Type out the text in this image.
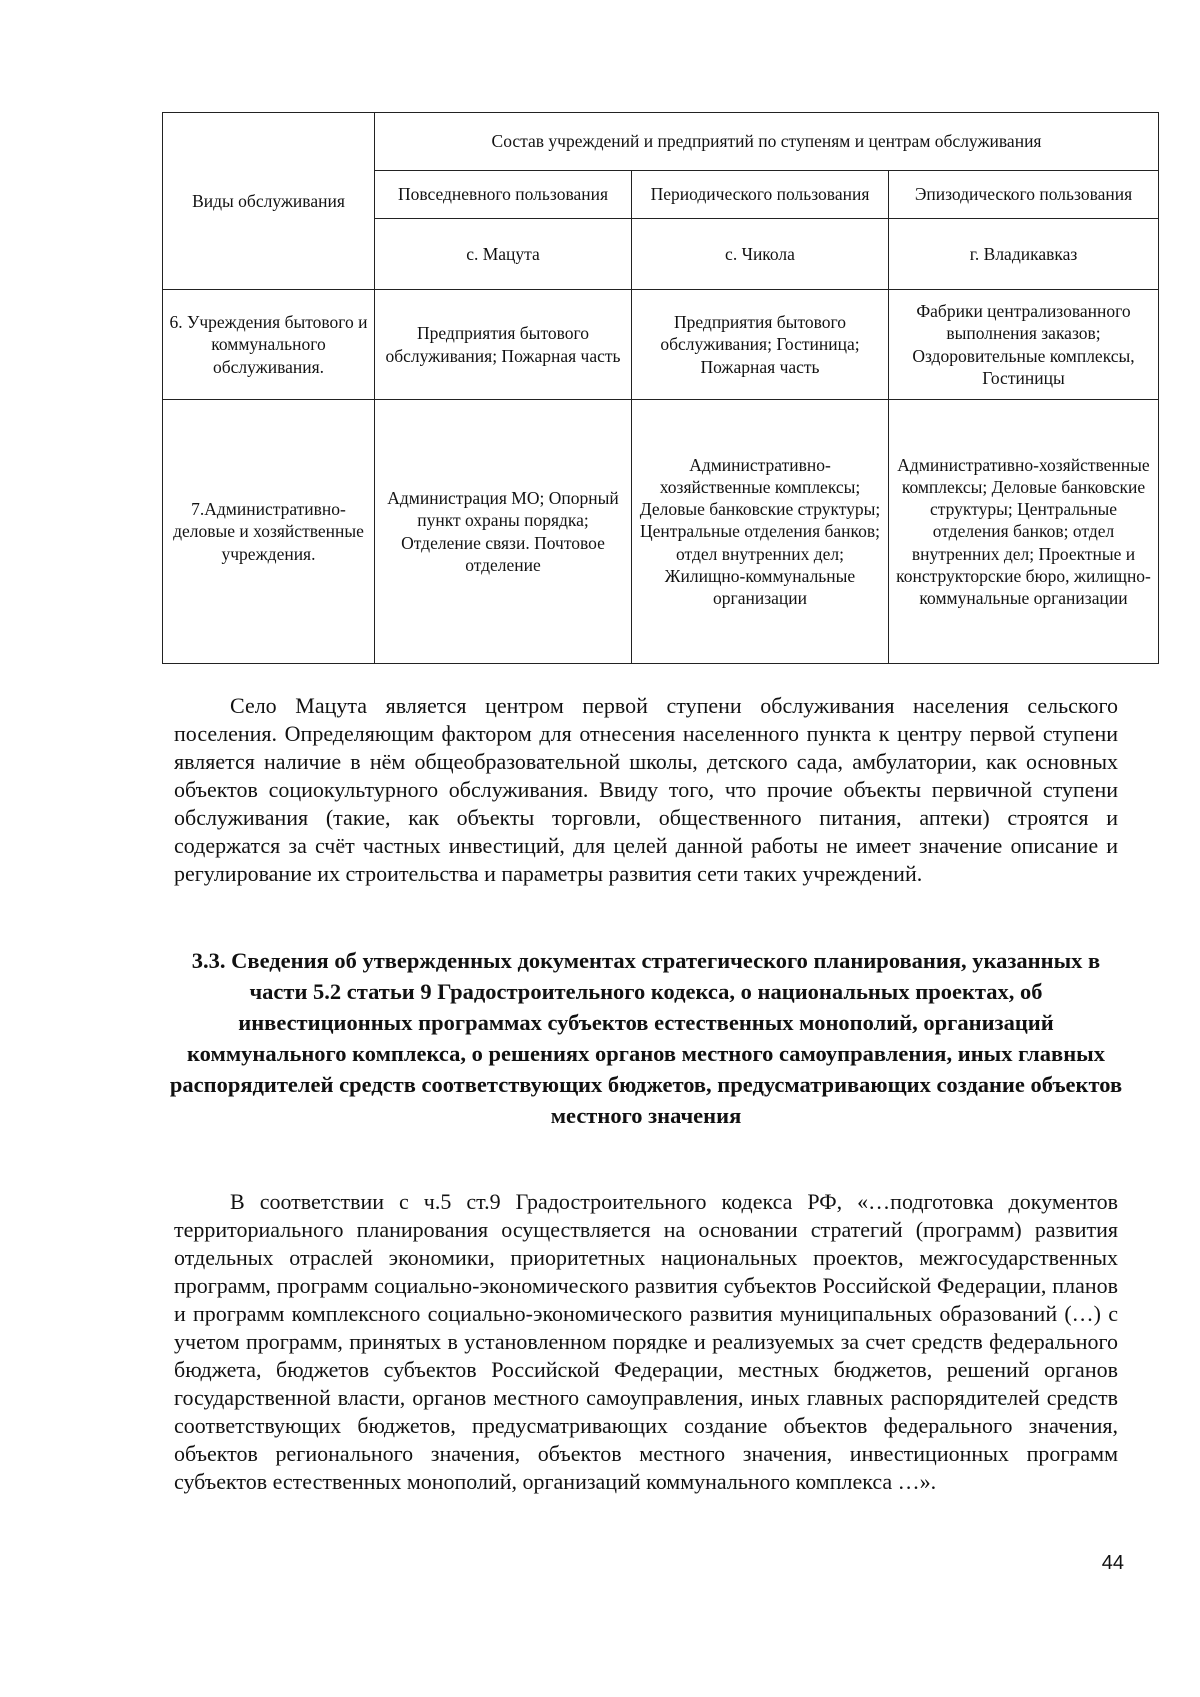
Виды обслуживания	Состав учреждений и предприятий по ступеням и центрам обслуживания		
	Повседневного пользования	Периодического пользования	Эпизодического пользования
	с. Мацута	с. Чикола	г. Владикавказ
6. Учреждения бытового и коммунального обслуживания.	Предприятия бытового обслуживания; Пожарная часть	Предприятия бытового обслуживания; Гостиница; Пожарная часть	Фабрики централизованного выполнения заказов; Оздоровительные комплексы, Гостиницы
7.Административно-деловые и хозяйственные учреждения.	Администрация МО; Опорный пункт охраны порядка; Отделение связи. Почтовое отделение	Административно-хозяйственные комплексы; Деловые банковские структуры; Центральные отделения банков; отдел внутренних дел; Жилищно-коммунальные организации	Административно-хозяйственные комплексы; Деловые банковские структуры; Центральные отделения банков; отдел внутренних дел; Проектные и конструкторские бюро, жилищно-коммунальные организации

Село Мацута является центром первой ступени обслуживания населения сельского поселения. Определяющим фактором для отнесения населенного пункта к центру первой ступени является наличие в нём общеобразовательной школы, детского сада, амбулатории, как основных объектов социокультурного обслуживания. Ввиду того, что прочие объекты первичной ступени обслуживания (такие, как объекты торговли, общественного питания, аптеки) строятся и содержатся за счёт частных инвестиций, для целей данной работы не имеет значение описание и регулирование их строительства и параметры развития сети таких учреждений.

3.3. Сведения об утвержденных документах стратегического планирования, указанных в части 5.2 статьи 9 Градостроительного кодекса, о национальных проектах, об инвестиционных программах субъектов естественных монополий, организаций коммунального комплекса, о решениях органов местного самоуправления, иных главных распорядителей средств соответствующих бюджетов, предусматривающих создание объектов местного значения

В соответствии с ч.5 ст.9 Градостроительного кодекса РФ, «…подготовка документов территориального планирования осуществляется на основании стратегий (программ) развития отдельных отраслей экономики, приоритетных национальных проектов, межгосударственных программ, программ социально-экономического развития субъектов Российской Федерации, планов и программ комплексного социально-экономического развития муниципальных образований (…) с учетом программ, принятых в установленном порядке и реализуемых за счет средств федерального бюджета, бюджетов субъектов Российской Федерации, местных бюджетов, решений органов государственной власти, органов местного самоуправления, иных главных распорядителей средств соответствующих бюджетов, предусматривающих создание объектов федерального значения, объектов регионального значения, объектов местного значения, инвестиционных программ субъектов естественных монополий, организаций коммунального комплекса …».

44
